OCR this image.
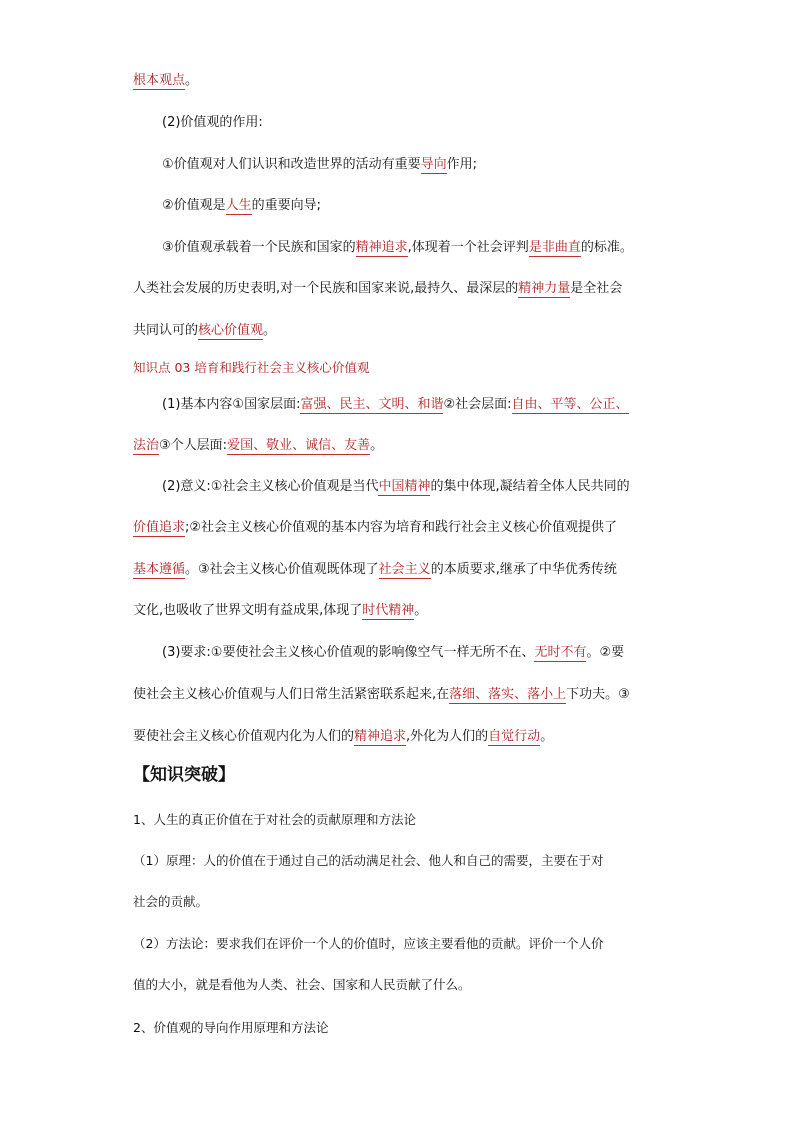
根本观点。
(2)价值观的作用:
①价值观对人们认识和改造世界的活动有重要导向作用;
②价值观是人生的重要向导;
③价值观承载着一个民族和国家的精神追求,体现着一个社会评判是非曲直的标准。
人类社会发展的历史表明,对一个民族和国家来说,最持久、最深层的精神力量是全社会
共同认可的核心价值观。
知识点 03 培育和践行社会主义核心价值观
(1)基本内容①国家层面:富强、民主、文明、和谐②社会层面:自由、平等、公正、
法治③个人层面:爱国、敬业、诚信、友善。
(2)意义:①社会主义核心价值观是当代中国精神的集中体现,凝结着全体人民共同的
价值追求;②社会主义核心价值观的基本内容为培育和践行社会主义核心价值观提供了
基本遵循。③社会主义核心价值观既体现了社会主义的本质要求,继承了中华优秀传统
文化,也吸收了世界文明有益成果,体现了时代精神。
(3)要求:①要使社会主义核心价值观的影响像空气一样无所不在、无时不有。②要
使社会主义核心价值观与人们日常生活紧密联系起来,在落细、落实、落小上下功夫。③
要使社会主义核心价值观内化为人们的精神追求,外化为人们的自觉行动。
【知识突破】
1、人生的真正价值在于对社会的贡献原理和方法论
（1）原理：人的价值在于通过自己的活动满足社会、他人和自己的需要，主要在于对
社会的贡献。
（2）方法论：要求我们在评价一个人的价值时，应该主要看他的贡献。评价一个人价
值的大小，就是看他为人类、社会、国家和人民贡献了什么。
2、价值观的导向作用原理和方法论
